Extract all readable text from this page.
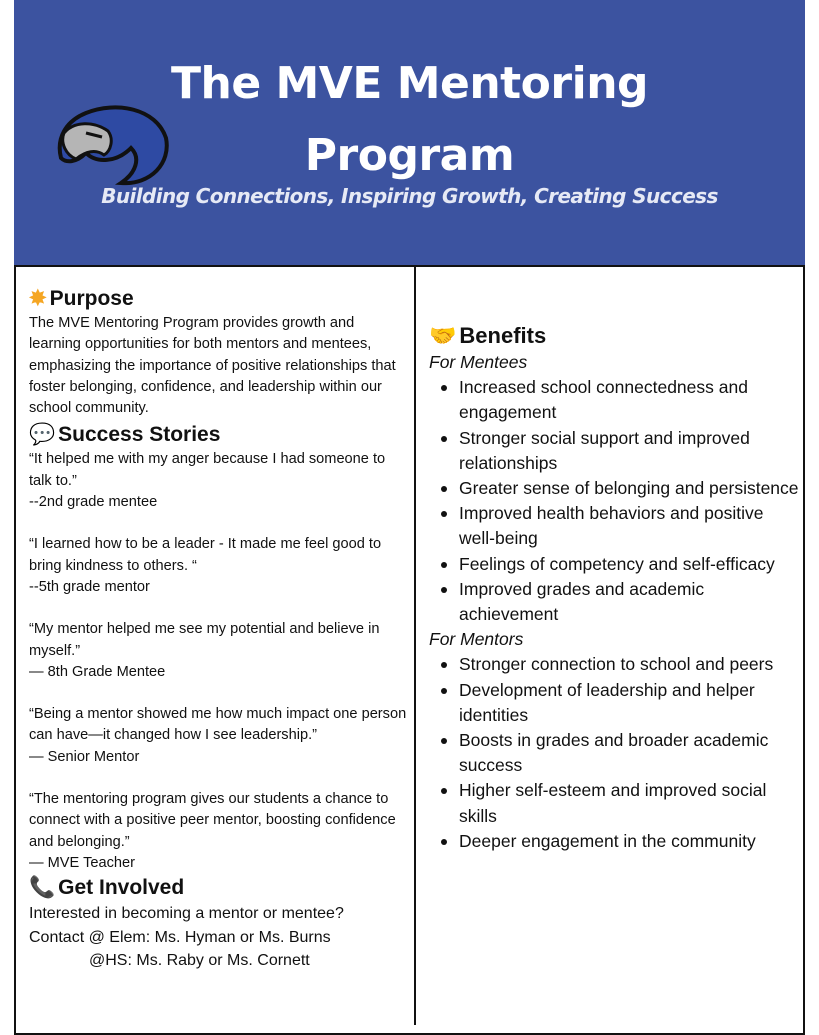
The MVE Mentoring
Program
Building Connections, Inspiring Growth, Creating Success
✸ Purpose

The MVE Mentoring Program provides growth and learning opportunities for both mentors and mentees, emphasizing the importance of positive relationships that foster belonging, confidence, and leadership within our school community.

💬 Success Stories

“It helped me with my anger because I had someone to talk to.”

--2nd grade mentee

“I learned how to be a leader - It made me feel good to bring kindness to others. “

--5th grade mentor

“My mentor helped me see my potential and believe in myself.”

— 8th Grade Mentee

“Being a mentor showed me how much impact one person can have—it changed how I see leadership.”

— Senior Mentor

“The mentoring program gives our students a chance to connect with a positive peer mentor, boosting confidence and belonging.”

— MVE Teacher

📞 Get Involved

Interested in becoming a mentor or mentee?

Contact @ Elem: Ms. Hyman or Ms. Burns

@HS: Ms. Raby or Ms. Cornett

🤝 Benefits

For Mentees

Increased school connectedness and engagement
Stronger social support and improved relationships
Greater sense of belonging and persistence
Improved health behaviors and positive well-being
Feelings of competency and self-efficacy
Improved grades and academic achievement

For Mentors

Stronger connection to school and peers
Development of leadership and helper identities
Boosts in grades and broader academic success
Higher self-esteem and improved social skills
Deeper engagement in the community
